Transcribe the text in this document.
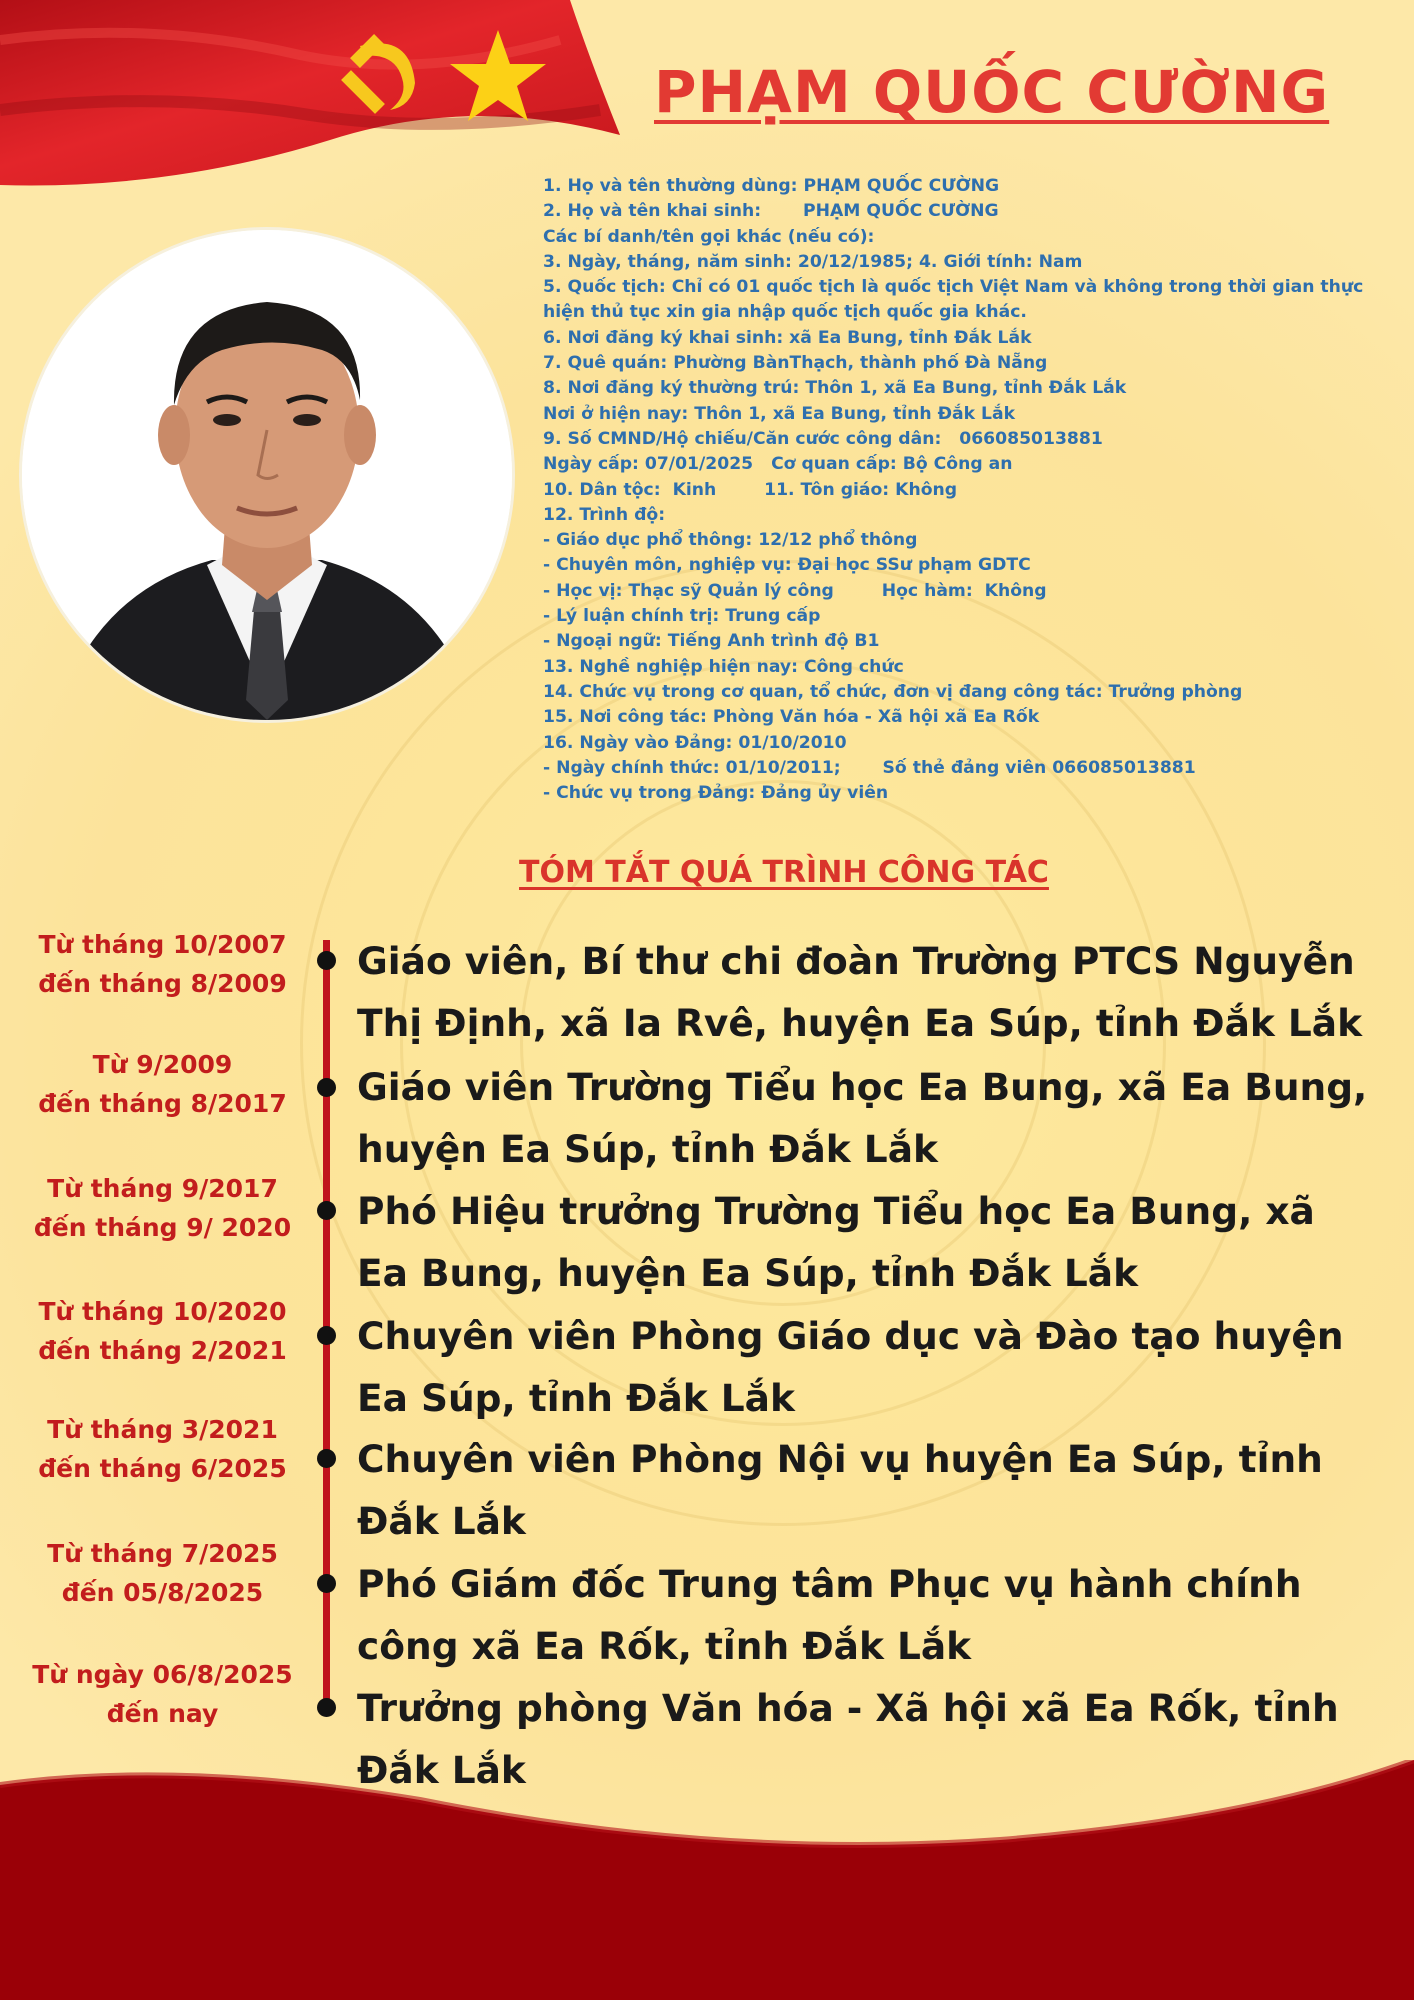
PHẠM QUỐC CƯỜNG
1. Họ và tên thường dùng: PHẠM QUỐC CƯỜNG
2. Họ và tên khai sinh:       PHẠM QUỐC CƯỜNG
Các bí danh/tên gọi khác (nếu có):
3. Ngày, tháng, năm sinh: 20/12/1985; 4. Giới tính: Nam
5. Quốc tịch: Chỉ có 01 quốc tịch là quốc tịch Việt Nam và không trong thời gian thực hiện thủ tục xin gia nhập quốc tịch quốc gia khác.
6. Nơi đăng ký khai sinh: xã Ea Bung, tỉnh Đắk Lắk
7. Quê quán: Phường BànThạch, thành phố Đà Nẵng
8. Nơi đăng ký thường trú: Thôn 1, xã Ea Bung, tỉnh Đắk Lắk
Nơi ở hiện nay: Thôn 1, xã Ea Bung, tỉnh Đắk Lắk
9. Số CMND/Hộ chiếu/Căn cước công dân:   066085013881
Ngày cấp: 07/01/2025   Cơ quan cấp: Bộ Công an
10. Dân tộc:  Kinh        11. Tôn giáo: Không
12. Trình độ:
- Giáo dục phổ thông: 12/12 phổ thông
- Chuyên môn, nghiệp vụ: Đại học SSư phạm GDTC
- Học vị: Thạc sỹ Quản lý công        Học hàm:  Không
- Lý luận chính trị: Trung cấp
- Ngoại ngữ: Tiếng Anh trình độ B1
13. Nghề nghiệp hiện nay: Công chức
14. Chức vụ trong cơ quan, tổ chức, đơn vị đang công tác: Trưởng phòng
15. Nơi công tác: Phòng Văn hóa - Xã hội xã Ea Rốk
16. Ngày vào Đảng: 01/10/2010
- Ngày chính thức: 01/10/2011;       Số thẻ đảng viên 066085013881
- Chức vụ trong Đảng: Đảng ủy viên
TÓM TẮT QUÁ TRÌNH CÔNG TÁC
Từ tháng 10/2007
đến tháng 8/2009
Từ 9/2009
đến tháng 8/2017
Từ tháng 9/2017
đến tháng 9/ 2020
Từ tháng 10/2020
đến tháng 2/2021
Từ tháng 3/2021
đến tháng 6/2025
Từ tháng 7/2025
đến 05/8/2025
Từ ngày 06/8/2025
đến nay
Giáo viên, Bí thư chi đoàn Trường PTCS Nguyễn Thị Định, xã Ia Rvê, huyện Ea Súp, tỉnh Đắk Lắk
Giáo viên Trường Tiểu học Ea Bung, xã Ea Bung, huyện Ea Súp, tỉnh Đắk Lắk
Phó Hiệu trưởng Trường Tiểu học Ea Bung, xã Ea Bung, huyện Ea Súp, tỉnh Đắk Lắk
Chuyên viên Phòng Giáo dục và Đào tạo huyện Ea Súp, tỉnh Đắk Lắk
Chuyên viên Phòng Nội vụ huyện Ea Súp, tỉnh Đắk Lắk
Phó Giám đốc Trung tâm Phục vụ hành chính công xã Ea Rốk, tỉnh Đắk Lắk
Trưởng phòng Văn hóa - Xã hội xã Ea Rốk, tỉnh Đắk Lắk
